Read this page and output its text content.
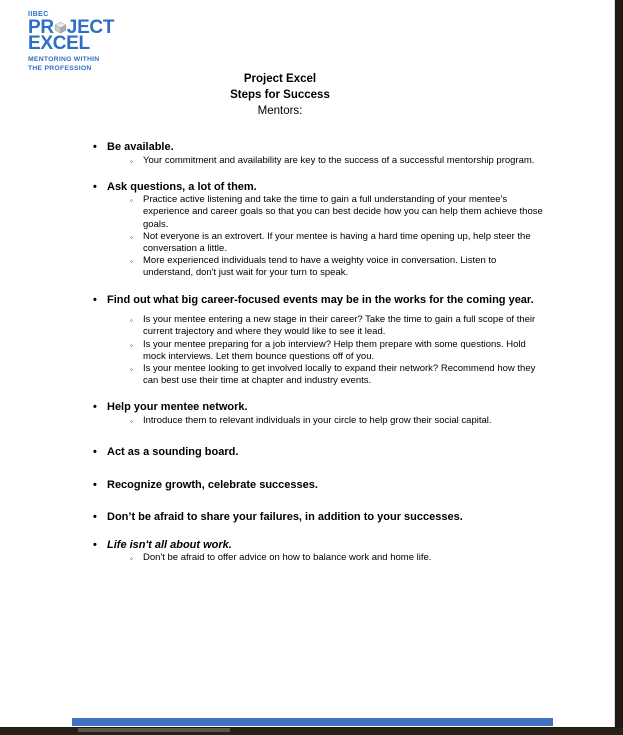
IIBEC
PR JECT
EXCEL
MENTORING WITHIN
THE PROFESSION
Project Excel
Steps for Success
Mentors:
• Be available.
◦ Your commitment and availability are key to the success of a successful mentorship program.
• Ask questions, a lot of them.
◦ Practice active listening and take the time to gain a full understanding of your mentee's experience and career goals so that you can best decide how you can help them achieve those goals.
◦ Not everyone is an extrovert. If your mentee is having a hard time opening up, help steer the conversation a little.
◦ More experienced individuals tend to have a weighty voice in conversation. Listen to understand, don't just wait for your turn to speak.
• Find out what big career-focused events may be in the works for the coming year.
◦ Is your mentee entering a new stage in their career? Take the time to gain a full scope of their current trajectory and where they would like to see it lead.
◦ Is your mentee preparing for a job interview? Help them prepare with some questions. Hold mock interviews. Let them bounce questions off of you.
◦ Is your mentee looking to get involved locally to expand their network? Recommend how they can best use their time at chapter and industry events.
• Help your mentee network.
◦ Introduce them to relevant individuals in your circle to help grow their social capital.
• Act as a sounding board.
• Recognize growth, celebrate successes.
• Don’t be afraid to share your failures, in addition to your successes.
• Life isn't all about work.
◦ Don't be afraid to offer advice on how to balance work and home life.
